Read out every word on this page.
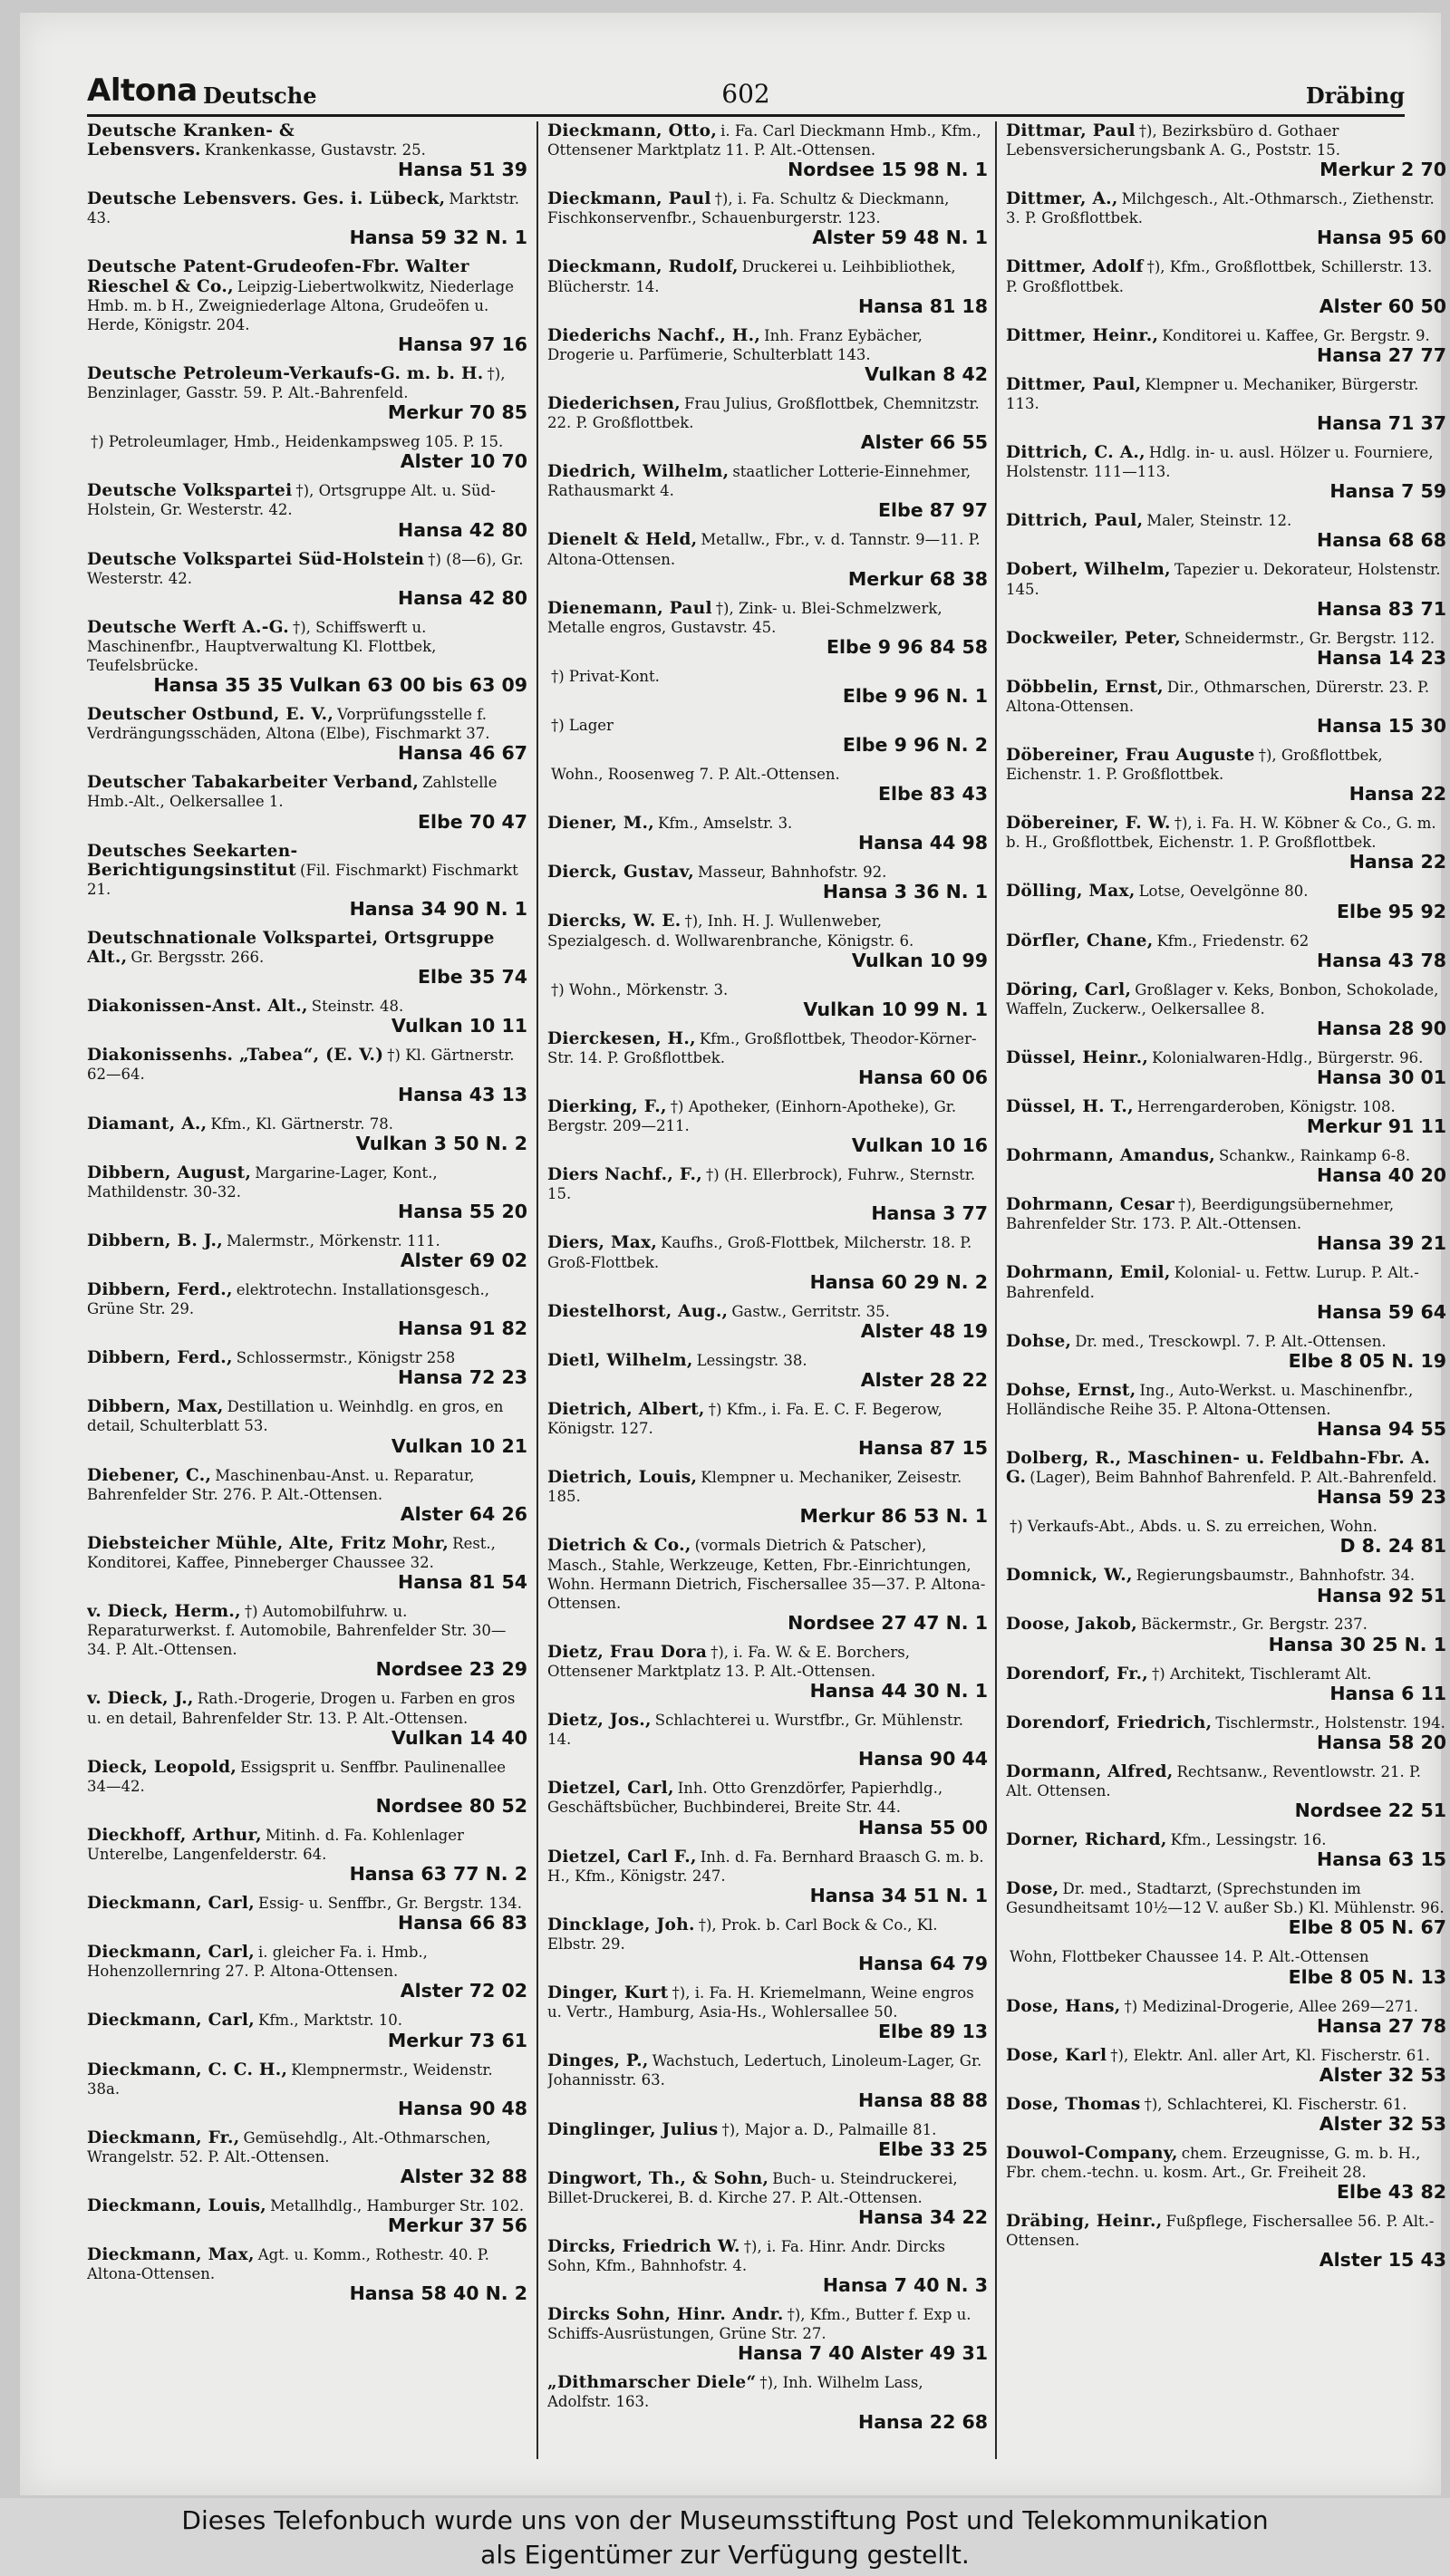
Altona Deutsche	602	Dräbing
Deutsche Kranken- & Lebensvers. Krankenkasse, Gustavstr. 25.
Hansa 51 39
Deutsche Lebensvers. Ges. i. Lübeck, Marktstr. 43.
Hansa 59 32 N. 1
Deutsche Patent-Grudeofen-Fbr. Walter Rieschel & Co., Leipzig-Liebertwolkwitz, Niederlage Hmb. m. b H., Zweigniederlage Altona, Grudeöfen u. Herde, Königstr. 204.
Hansa 97 16
Deutsche Petroleum-Verkaufs-G. m. b. H. †), Benzinlager, Gasstr. 59. P. Alt.-Bahrenfeld.
Merkur 70 85
†) Petroleumlager, Hmb., Heidenkampsweg 105. P. 15.
Alster 10 70
Deutsche Volkspartei †), Ortsgruppe Alt. u. Süd-Holstein, Gr. Westerstr. 42.
Hansa 42 80
Deutsche Volkspartei Süd-Holstein †) (8—6), Gr. Westerstr. 42.
Hansa 42 80
Deutsche Werft A.-G. †), Schiffswerft u. Maschinenfbr., Hauptverwaltung Kl. Flottbek, Teufelsbrücke.
Hansa 35 35 Vulkan 63 00 bis 63 09
Deutscher Ostbund, E. V., Vorprüfungsstelle f. Verdrängungsschäden, Altona (Elbe), Fischmarkt 37.
Hansa 46 67
Deutscher Tabakarbeiter Verband, Zahlstelle Hmb.-Alt., Oelkersallee 1.
Elbe 70 47
Deutsches Seekarten-Berichtigungsinstitut (Fil. Fischmarkt) Fischmarkt 21.
Hansa 34 90 N. 1
Deutschnationale Volkspartei, Ortsgruppe Alt., Gr. Bergsstr. 266.
Elbe 35 74
Diakonissen-Anst. Alt., Steinstr. 48.
Vulkan 10 11
Diakonissenhs. „Tabea“, (E. V.) †) Kl. Gärtnerstr. 62—64.
Hansa 43 13
Diamant, A., Kfm., Kl. Gärtnerstr. 78.
Vulkan 3 50 N. 2
Dibbern, August, Margarine-Lager, Kont., Mathildenstr. 30-32.
Hansa 55 20
Dibbern, B. J., Malermstr., Mörkenstr. 111.
Alster 69 02
Dibbern, Ferd., elektrotechn. Installationsgesch., Grüne Str. 29.
Hansa 91 82
Dibbern, Ferd., Schlossermstr., Königstr 258
Hansa 72 23
Dibbern, Max, Destillation u. Weinhdlg. en gros, en detail, Schulterblatt 53.
Vulkan 10 21
Diebener, C., Maschinenbau-Anst. u. Reparatur, Bahrenfelder Str. 276. P. Alt.-Ottensen.
Alster 64 26
Diebsteicher Mühle, Alte, Fritz Mohr, Rest., Konditorei, Kaffee, Pinneberger Chaussee 32.
Hansa 81 54
v. Dieck, Herm., †) Automobilfuhrw. u. Reparaturwerkst. f. Automobile, Bahrenfelder Str. 30—34. P. Alt.-Ottensen.
Nordsee 23 29
v. Dieck, J., Rath.-Drogerie, Drogen u. Farben en gros u. en detail, Bahrenfelder Str. 13. P. Alt.-Ottensen.
Vulkan 14 40
Dieck, Leopold, Essigsprit u. Senffbr. Paulinenallee 34—42.
Nordsee 80 52
Dieckhoff, Arthur, Mitinh. d. Fa. Kohlenlager Unterelbe, Langenfelderstr. 64.
Hansa 63 77 N. 2
Dieckmann, Carl, Essig- u. Senffbr., Gr. Bergstr. 134.
Hansa 66 83
Dieckmann, Carl, i. gleicher Fa. i. Hmb., Hohenzollernring 27. P. Altona-Ottensen.
Alster 72 02
Dieckmann, Carl, Kfm., Marktstr. 10.
Merkur 73 61
Dieckmann, C. C. H., Klempnermstr., Weidenstr. 38a.
Hansa 90 48
Dieckmann, Fr., Gemüsehdlg., Alt.-Othmarschen, Wrangelstr. 52. P. Alt.-Ottensen.
Alster 32 88
Dieckmann, Louis, Metallhdlg., Hamburger Str. 102.
Merkur 37 56
Dieckmann, Max, Agt. u. Komm., Rothestr. 40. P. Altona-Ottensen.
Hansa 58 40 N. 2
Dieckmann, Otto, i. Fa. Carl Dieckmann Hmb., Kfm., Ottensener Marktplatz 11. P. Alt.-Ottensen.
Nordsee 15 98 N. 1
Dieckmann, Paul †), i. Fa. Schultz & Dieckmann, Fischkonservenfbr., Schauenburgerstr. 123.
Alster 59 48 N. 1
Dieckmann, Rudolf, Druckerei u. Leihbibliothek, Blücherstr. 14.
Hansa 81 18
Diederichs Nachf., H., Inh. Franz Eybächer, Drogerie u. Parfümerie, Schulterblatt 143.
Vulkan 8 42
Diederichsen, Frau Julius, Großflottbek, Chemnitzstr. 22. P. Großflottbek.
Alster 66 55
Diedrich, Wilhelm, staatlicher Lotterie-Einnehmer, Rathausmarkt 4.
Elbe 87 97
Dienelt & Held, Metallw., Fbr., v. d. Tannstr. 9—11. P. Altona-Ottensen.
Merkur 68 38
Dienemann, Paul †), Zink- u. Blei-Schmelzwerk, Metalle engros, Gustavstr. 45.
Elbe 9 96 84 58
†) Privat-Kont.
Elbe 9 96 N. 1
†) Lager
Elbe 9 96 N. 2
Wohn., Roosenweg 7. P. Alt.-Ottensen.
Elbe 83 43
Diener, M., Kfm., Amselstr. 3.
Hansa 44 98
Dierck, Gustav, Masseur, Bahnhofstr. 92.
Hansa 3 36 N. 1
Diercks, W. E. †), Inh. H. J. Wullenweber, Spezialgesch. d. Wollwarenbranche, Königstr. 6.
Vulkan 10 99
†) Wohn., Mörkenstr. 3.
Vulkan 10 99 N. 1
Dierckesen, H., Kfm., Großflottbek, Theodor-Körner-Str. 14. P. Großflottbek.
Hansa 60 06
Dierking, F., †) Apotheker, (Einhorn-Apotheke), Gr. Bergstr. 209—211.
Vulkan 10 16
Diers Nachf., F., †) (H. Ellerbrock), Fuhrw., Sternstr. 15.
Hansa 3 77
Diers, Max, Kaufhs., Groß-Flottbek, Milcherstr. 18. P. Groß-Flottbek.
Hansa 60 29 N. 2
Diestelhorst, Aug., Gastw., Gerritstr. 35.
Alster 48 19
Dietl, Wilhelm, Lessingstr. 38.
Alster 28 22
Dietrich, Albert, †) Kfm., i. Fa. E. C. F. Begerow, Königstr. 127.
Hansa 87 15
Dietrich, Louis, Klempner u. Mechaniker, Zeisestr. 185.
Merkur 86 53 N. 1
Dietrich & Co., (vormals Dietrich & Patscher), Masch., Stahle, Werkzeuge, Ketten, Fbr.-Einrichtungen, Wohn. Hermann Dietrich, Fischersallee 35—37. P. Altona-Ottensen.
Nordsee 27 47 N. 1
Dietz, Frau Dora †), i. Fa. W. & E. Borchers, Ottensener Marktplatz 13. P. Alt.-Ottensen.
Hansa 44 30 N. 1
Dietz, Jos., Schlachterei u. Wurstfbr., Gr. Mühlenstr. 14.
Hansa 90 44
Dietzel, Carl, Inh. Otto Grenzdörfer, Papierhdlg., Geschäftsbücher, Buchbinderei, Breite Str. 44.
Hansa 55 00
Dietzel, Carl F., Inh. d. Fa. Bernhard Braasch G. m. b. H., Kfm., Königstr. 247.
Hansa 34 51 N. 1
Dincklage, Joh. †), Prok. b. Carl Bock & Co., Kl. Elbstr. 29.
Hansa 64 79
Dinger, Kurt †), i. Fa. H. Kriemelmann, Weine engros u. Vertr., Hamburg, Asia-Hs., Wohlersallee 50.
Elbe 89 13
Dinges, P., Wachstuch, Ledertuch, Linoleum-Lager, Gr. Johannisstr. 63.
Hansa 88 88
Dinglinger, Julius †), Major a. D., Palmaille 81.
Elbe 33 25
Dingwort, Th., & Sohn, Buch- u. Steindruckerei, Billet-Druckerei, B. d. Kirche 27. P. Alt.-Ottensen.
Hansa 34 22
Dircks, Friedrich W. †), i. Fa. Hinr. Andr. Dircks Sohn, Kfm., Bahnhofstr. 4.
Hansa 7 40 N. 3
Dircks Sohn, Hinr. Andr. †), Kfm., Butter f. Exp u. Schiffs-Ausrüstungen, Grüne Str. 27.
Hansa 7 40 Alster 49 31
„Dithmarscher Diele“ †), Inh. Wilhelm Lass, Adolfstr. 163.
Hansa 22 68
Dittmar, Paul †), Bezirksbüro d. Gothaer Lebensversicherungsbank A. G., Poststr. 15.
Merkur 2 70
Dittmer, A., Milchgesch., Alt.-Othmarsch., Ziethenstr. 3. P. Großflottbek.
Hansa 95 60
Dittmer, Adolf †), Kfm., Großflottbek, Schillerstr. 13. P. Großflottbek.
Alster 60 50
Dittmer, Heinr., Konditorei u. Kaffee, Gr. Bergstr. 9.
Hansa 27 77
Dittmer, Paul, Klempner u. Mechaniker, Bürgerstr. 113.
Hansa 71 37
Dittrich, C. A., Hdlg. in- u. ausl. Hölzer u. Fourniere, Holstenstr. 111—113.
Hansa 7 59
Dittrich, Paul, Maler, Steinstr. 12.
Hansa 68 68
Dobert, Wilhelm, Tapezier u. Dekorateur, Holstenstr. 145.
Hansa 83 71
Dockweiler, Peter, Schneidermstr., Gr. Bergstr. 112.
Hansa 14 23
Döbbelin, Ernst, Dir., Othmarschen, Dürerstr. 23. P. Altona-Ottensen.
Hansa 15 30
Döbereiner, Frau Auguste †), Großflottbek, Eichenstr. 1. P. Großflottbek.
Hansa 22
Döbereiner, F. W. †), i. Fa. H. W. Köbner & Co., G. m. b. H., Großflottbek, Eichenstr. 1. P. Großflottbek.
Hansa 22
Dölling, Max, Lotse, Oevelgönne 80.
Elbe 95 92
Dörfler, Chane, Kfm., Friedenstr. 62
Hansa 43 78
Döring, Carl, Großlager v. Keks, Bonbon, Schokolade, Waffeln, Zuckerw., Oelkersallee 8.
Hansa 28 90
Düssel, Heinr., Kolonialwaren-Hdlg., Bürgerstr. 96.
Hansa 30 01
Düssel, H. T., Herrengarderoben, Königstr. 108.
Merkur 91 11
Dohrmann, Amandus, Schankw., Rainkamp 6-8.
Hansa 40 20
Dohrmann, Cesar †), Beerdigungsübernehmer, Bahrenfelder Str. 173. P. Alt.-Ottensen.
Hansa 39 21
Dohrmann, Emil, Kolonial- u. Fettw. Lurup. P. Alt.-Bahrenfeld.
Hansa 59 64
Dohse, Dr. med., Tresckowpl. 7. P. Alt.-Ottensen.
Elbe 8 05 N. 19
Dohse, Ernst, Ing., Auto-Werkst. u. Maschinenfbr., Holländische Reihe 35. P. Altona-Ottensen.
Hansa 94 55
Dolberg, R., Maschinen- u. Feldbahn-Fbr. A. G. (Lager), Beim Bahnhof Bahrenfeld. P. Alt.-Bahrenfeld.
Hansa 59 23
†) Verkaufs-Abt., Abds. u. S. zu erreichen, Wohn.
D 8. 24 81
Domnick, W., Regierungsbaumstr., Bahnhofstr. 34.
Hansa 92 51
Doose, Jakob, Bäckermstr., Gr. Bergstr. 237.
Hansa 30 25 N. 1
Dorendorf, Fr., †) Architekt, Tischleramt Alt.
Hansa 6 11
Dorendorf, Friedrich, Tischlermstr., Holstenstr. 194.
Hansa 58 20
Dormann, Alfred, Rechtsanw., Reventlowstr. 21. P. Alt. Ottensen.
Nordsee 22 51
Dorner, Richard, Kfm., Lessingstr. 16.
Hansa 63 15
Dose, Dr. med., Stadtarzt, (Sprechstunden im Gesundheitsamt 10½—12 V. außer Sb.) Kl. Mühlenstr. 96.
Elbe 8 05 N. 67
Wohn, Flottbeker Chaussee 14. P. Alt.-Ottensen
Elbe 8 05 N. 13
Dose, Hans, †) Medizinal-Drogerie, Allee 269—271.
Hansa 27 78
Dose, Karl †), Elektr. Anl. aller Art, Kl. Fischerstr. 61.
Alster 32 53
Dose, Thomas †), Schlachterei, Kl. Fischerstr. 61.
Alster 32 53
Douwol-Company, chem. Erzeugnisse, G. m. b. H., Fbr. chem.-techn. u. kosm. Art., Gr. Freiheit 28.
Elbe 43 82
Dräbing, Heinr., Fußpflege, Fischersallee 56. P. Alt.-Ottensen.
Alster 15 43
Dieses Telefonbuch wurde uns von der Museumsstiftung Post und Telekommunikation als Eigentümer zur Verfügung gestellt.
